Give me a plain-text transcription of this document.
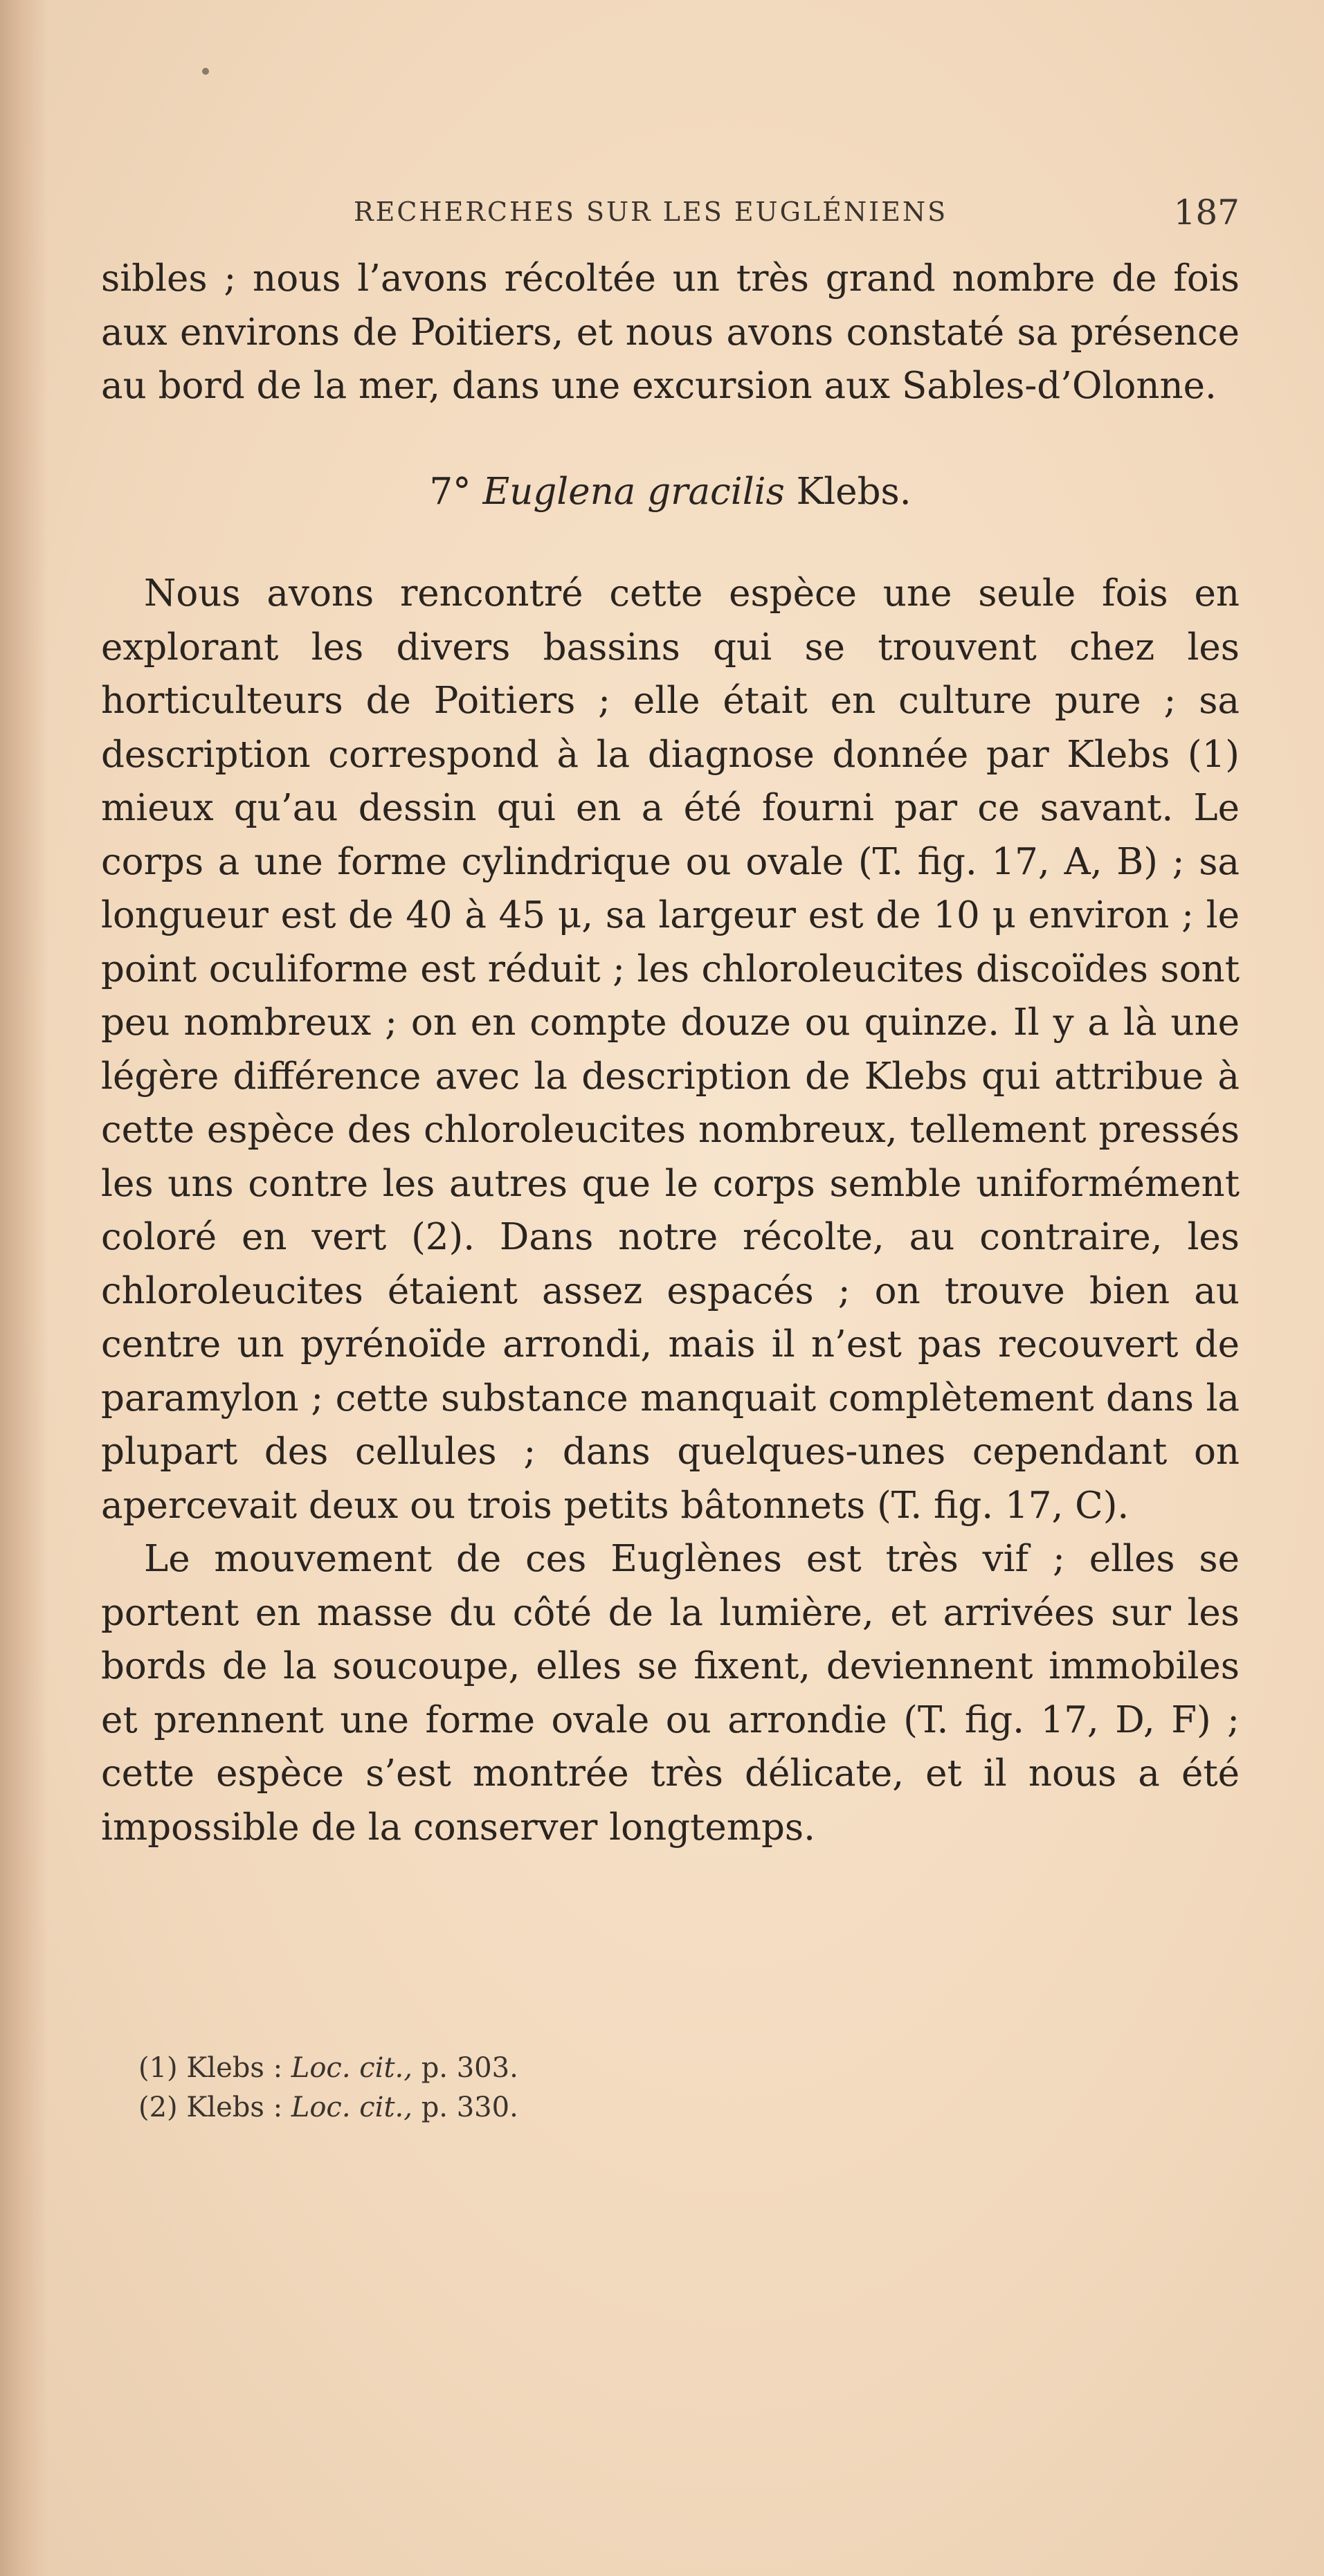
RECHERCHES SUR LES EUGLÉNIENS	187

sibles ; nous l’avons récoltée un très grand nombre de fois aux environs de Poitiers, et nous avons constaté sa présence au bord de la mer, dans une excursion aux Sables-d’Olonne.

7° Euglena gracilis Klebs.

Nous avons rencontré cette espèce une seule fois en explorant les divers bassins qui se trouvent chez les horticulteurs de Poitiers ; elle était en culture pure ; sa description correspond à la diagnose donnée par Klebs (1) mieux qu’au dessin qui en a été fourni par ce savant. Le corps a une forme cylindrique ou ovale (T. fig. 17, A, B) ; sa longueur est de 40 à 45 μ, sa largeur est de 10 μ environ ; le point oculiforme est réduit ; les chloroleucites discoïdes sont peu nombreux ; on en compte douze ou quinze. Il y a là une légère différence avec la description de Klebs qui attribue à cette espèce des chloroleucites nombreux, tellement pressés les uns contre les autres que le corps semble uniformément coloré en vert (2). Dans notre récolte, au contraire, les chloroleucites étaient assez espacés ; on trouve bien au centre un pyrénoïde arrondi, mais il n’est pas recouvert de paramylon ; cette substance manquait complètement dans la plupart des cellules ; dans quelques-unes cependant on apercevait deux ou trois petits bâtonnets (T. fig. 17, C).

Le mouvement de ces Euglènes est très vif ; elles se portent en masse du côté de la lumière, et arrivées sur les bords de la soucoupe, elles se fixent, deviennent immobiles et prennent une forme ovale ou arrondie (T. fig. 17, D, F) ; cette espèce s’est montrée très délicate, et il nous a été impossible de la conserver longtemps.

(1) Klebs : Loc. cit., p. 303.

(2) Klebs : Loc. cit., p. 330.
